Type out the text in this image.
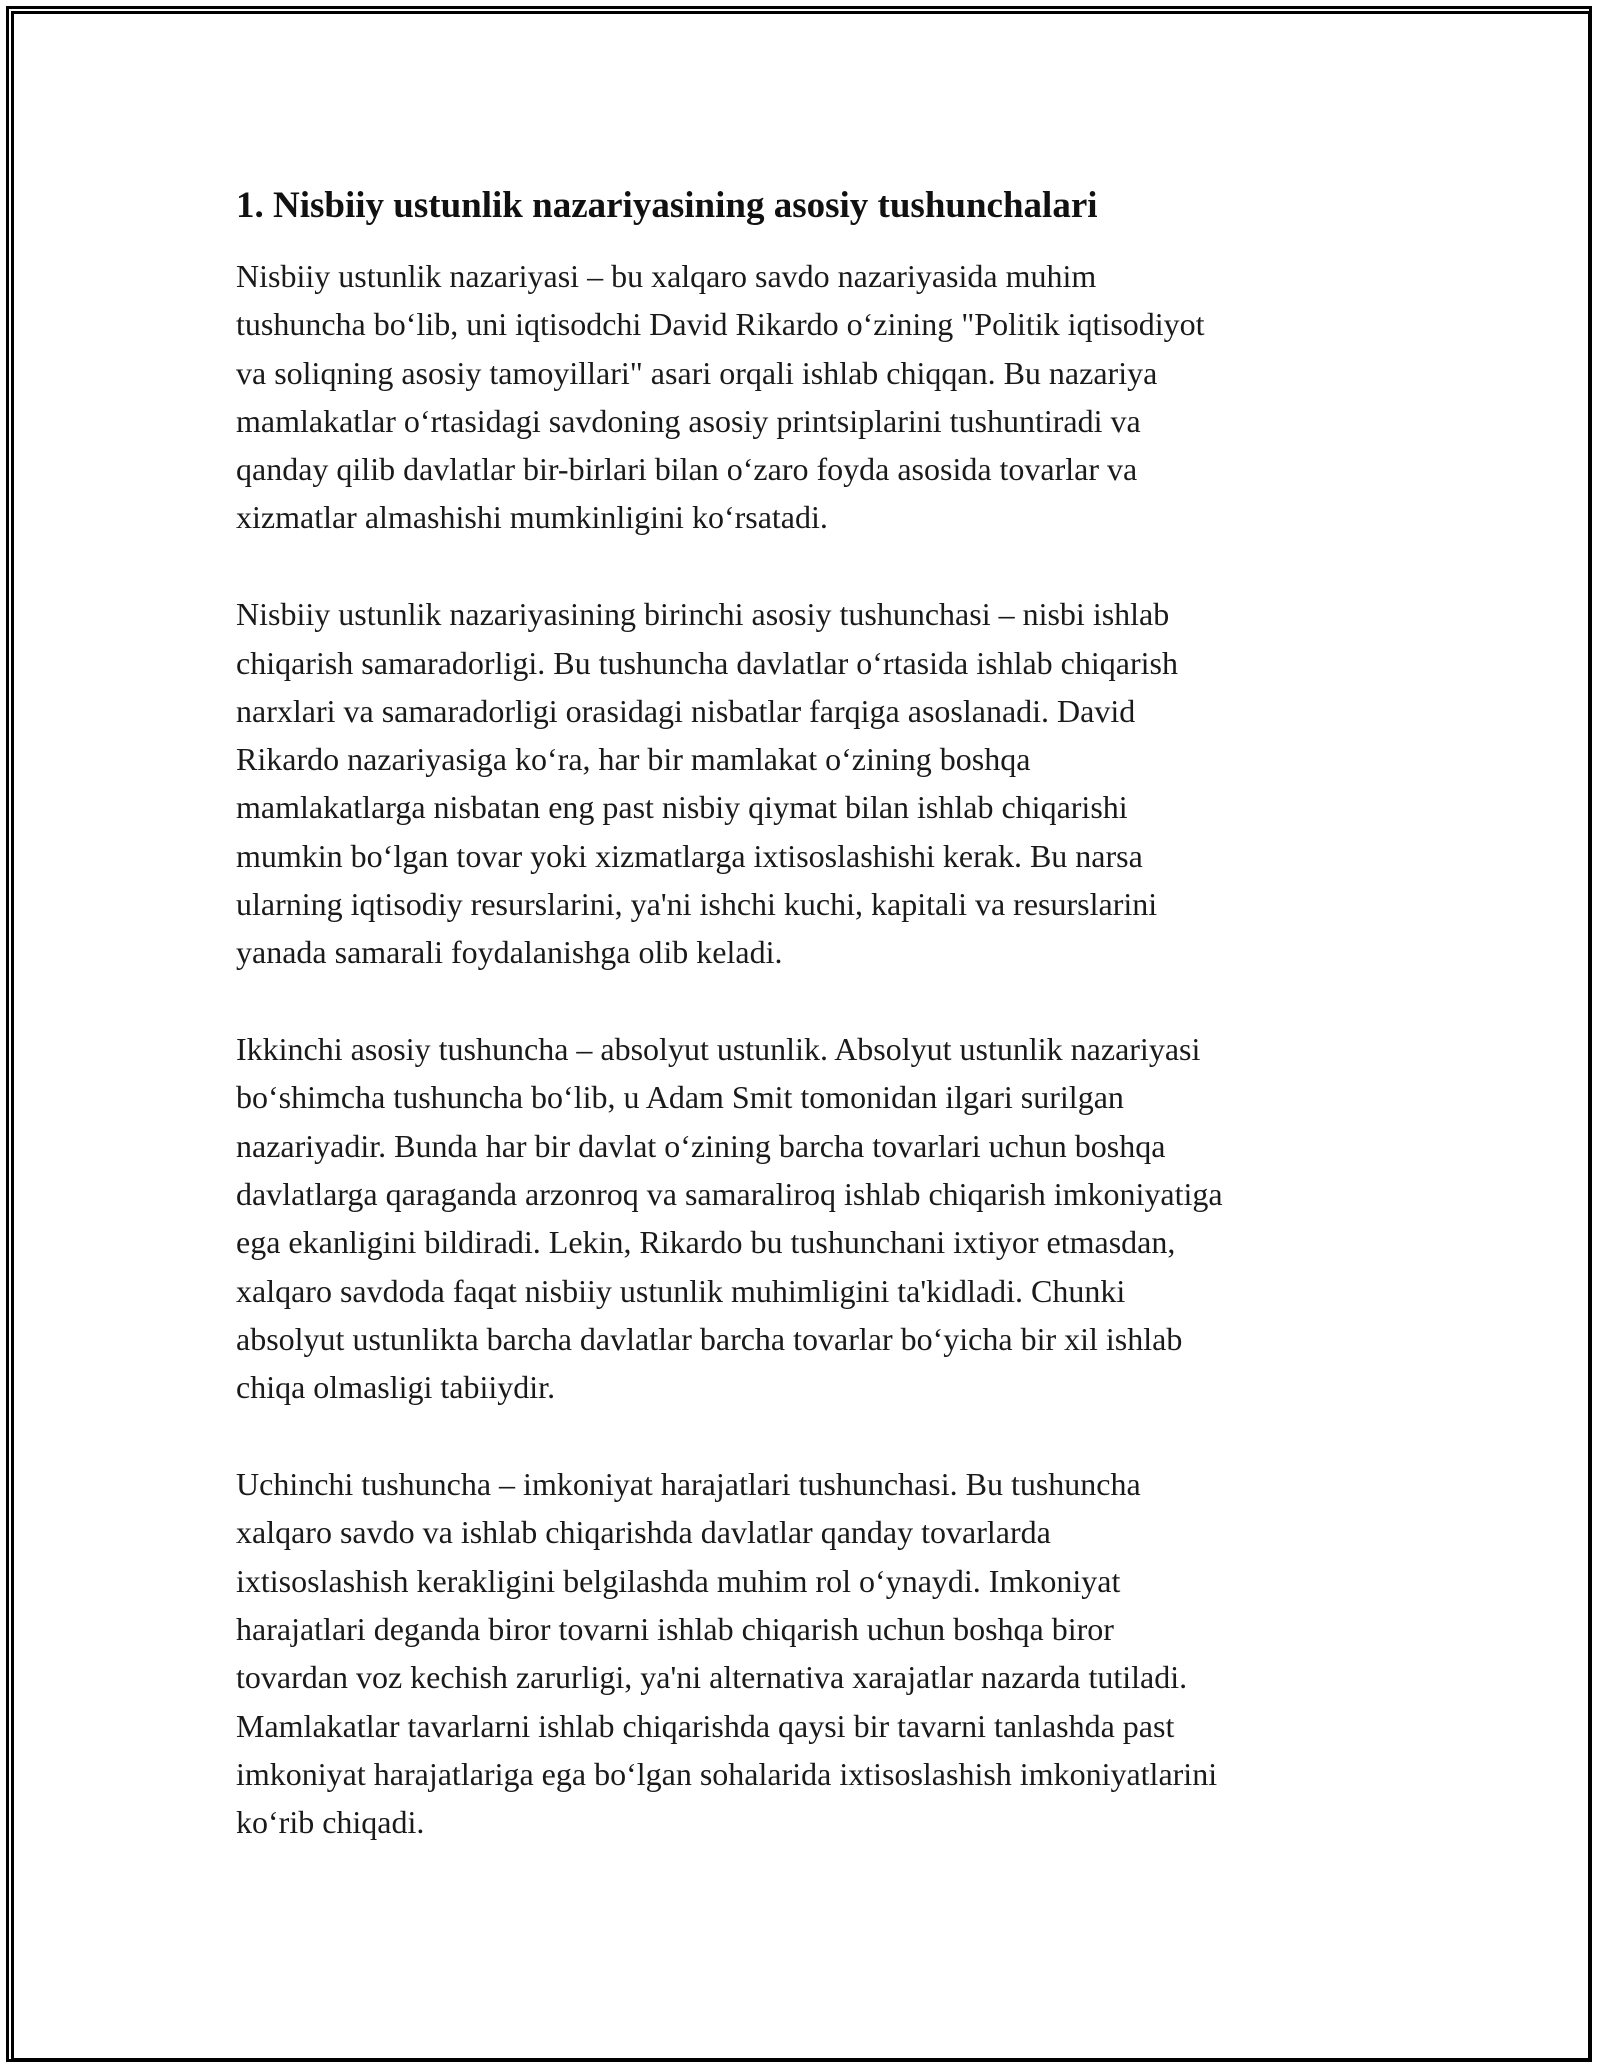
1. Nisbiiy ustunlik nazariyasining asosiy tushunchalari

Nisbiiy ustunlik nazariyasi – bu xalqaro savdo nazariyasida muhim
tushuncha bo‘lib, uni iqtisodchi David Rikardo o‘zining "Politik iqtisodiyot
va soliqning asosiy tamoyillari" asari orqali ishlab chiqqan. Bu nazariya
mamlakatlar o‘rtasidagi savdoning asosiy printsiplarini tushuntiradi va
qanday qilib davlatlar bir-birlari bilan o‘zaro foyda asosida tovarlar va
xizmatlar almashishi mumkinligini ko‘rsatadi.

Nisbiiy ustunlik nazariyasining birinchi asosiy tushunchasi – nisbi ishlab
chiqarish samaradorligi. Bu tushuncha davlatlar o‘rtasida ishlab chiqarish
narxlari va samaradorligi orasidagi nisbatlar farqiga asoslanadi. David
Rikardo nazariyasiga ko‘ra, har bir mamlakat o‘zining boshqa
mamlakatlarga nisbatan eng past nisbiy qiymat bilan ishlab chiqarishi
mumkin bo‘lgan tovar yoki xizmatlarga ixtisoslashishi kerak. Bu narsa
ularning iqtisodiy resurslarini, ya'ni ishchi kuchi, kapitali va resurslarini
yanada samarali foydalanishga olib keladi.

Ikkinchi asosiy tushuncha – absolyut ustunlik. Absolyut ustunlik nazariyasi
bo‘shimcha tushuncha bo‘lib, u Adam Smit tomonidan ilgari surilgan
nazariyadir. Bunda har bir davlat o‘zining barcha tovarlari uchun boshqa
davlatlarga qaraganda arzonroq va samaraliroq ishlab chiqarish imkoniyatiga
ega ekanligini bildiradi. Lekin, Rikardo bu tushunchani ixtiyor etmasdan,
xalqaro savdoda faqat nisbiiy ustunlik muhimligini ta'kidladi. Chunki
absolyut ustunlikta barcha davlatlar barcha tovarlar bo‘yicha bir xil ishlab
chiqa olmasligi tabiiydir.

Uchinchi tushuncha – imkoniyat harajatlari tushunchasi. Bu tushuncha
xalqaro savdo va ishlab chiqarishda davlatlar qanday tovarlarda
ixtisoslashish kerakligini belgilashda muhim rol o‘ynaydi. Imkoniyat
harajatlari deganda biror tovarni ishlab chiqarish uchun boshqa biror
tovardan voz kechish zarurligi, ya'ni alternativa xarajatlar nazarda tutiladi.
Mamlakatlar tavarlarni ishlab chiqarishda qaysi bir tavarni tanlashda past
imkoniyat harajatlariga ega bo‘lgan sohalarida ixtisoslashish imkoniyatlarini
ko‘rib chiqadi.
